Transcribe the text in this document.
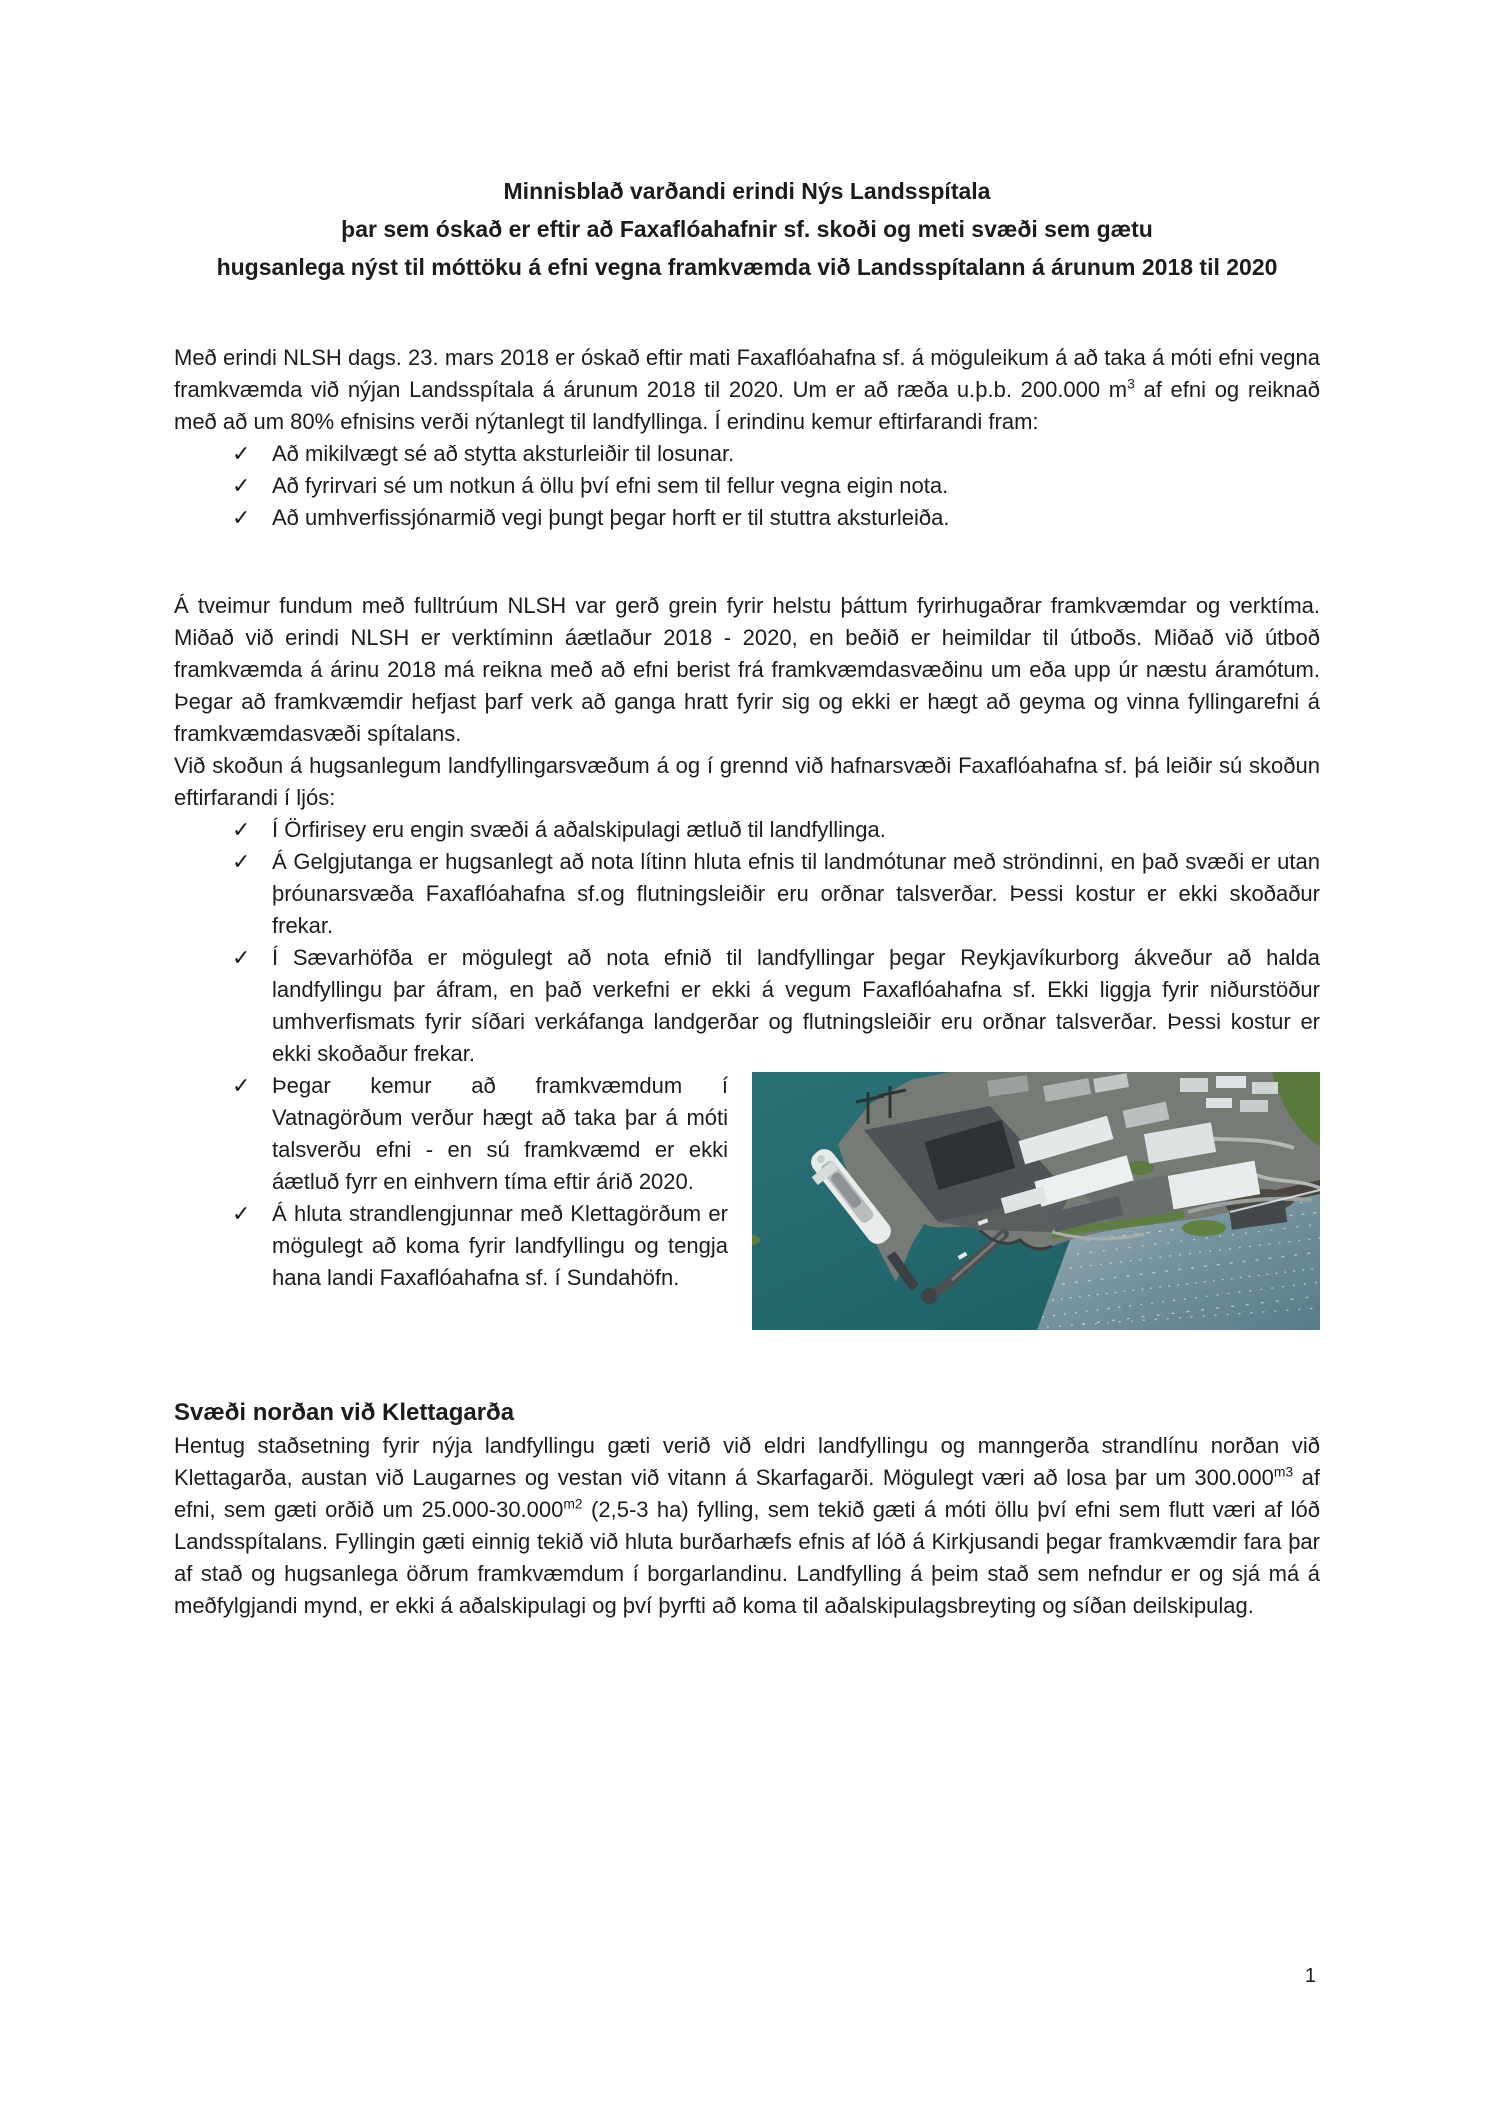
Minnisblað varðandi erindi Nýs Landsspítala
þar sem óskað er eftir að Faxaflóahafnir sf. skoði og meti svæði sem gætu
hugsanlega nýst til móttöku á efni vegna framkvæmda við Landsspítalann á árunum 2018 til 2020

Með erindi NLSH dags. 23. mars 2018 er óskað eftir mati Faxaflóahafna sf. á möguleikum á að taka á móti efni vegna framkvæmda við nýjan Landsspítala á árunum 2018 til 2020. Um er að ræða u.þ.b. 200.000 $m^3$ af efni og reiknað með að um 80% efnisins verði nýtanlegt til landfyllinga. Í erindinu kemur eftirfarandi fram:

✓ Að mikilvægt sé að stytta aksturleiðir til losunar.
✓ Að fyrirvari sé um notkun á öllu því efni sem til fellur vegna eigin nota.
✓ Að umhverfissjónarmið vegi þungt þegar horft er til stuttra aksturleiða.

Á tveimur fundum með fulltrúum NLSH var gerð grein fyrir helstu þáttum fyrirhugaðrar framkvæmdar og verktíma. Miðað við erindi NLSH er verktíminn áætlaður 2018 - 2020, en beðið er heimildar til útboðs. Miðað við útboð framkvæmda á árinu 2018 má reikna með að efni berist frá framkvæmdasvæðinu um eða upp úr næstu áramótum. Þegar að framkvæmdir hefjast þarf verk að ganga hratt fyrir sig og ekki er hægt að geyma og vinna fyllingarefni á framkvæmdasvæði spítalans.

Við skoðun á hugsanlegum landfyllingarsvæðum á og í grennd við hafnarsvæði Faxaflóahafna sf. þá leiðir sú skoðun eftirfarandi í ljós:

✓ Í Örfirisey eru engin svæði á aðalskipulagi ætluð til landfyllinga.
✓ Á Gelgjutanga er hugsanlegt að nota lítinn hluta efnis til landmótunar með ströndinni, en það svæði er utan þróunarsvæða Faxaflóahafna sf.og flutningsleiðir eru orðnar talsverðar. Þessi kostur er ekki skoðaður frekar.
✓ Í Sævarhöfða er mögulegt að nota efnið til landfyllingar þegar Reykjavíkurborg ákveður að halda landfyllingu þar áfram, en það verkefni er ekki á vegum Faxaflóahafna sf. Ekki liggja fyrir niðurstöður umhverfismats fyrir síðari verkáfanga landgerðar og flutningsleiðir eru orðnar talsverðar. Þessi kostur er ekki skoðaður frekar.
✓ Þegar kemur að framkvæmdum í Vatnagörðum verður hægt að taka þar á móti talsverðu efni - en sú framkvæmd er ekki áætluð fyrr en einhvern tíma eftir árið 2020.
✓ Á hluta strandlengjunnar með Klettagörðum er mögulegt að koma fyrir landfyllingu og tengja hana landi Faxaflóahafna sf. í Sundahöfn.
Svæði norðan við Klettagarða

Hentug staðsetning fyrir nýja landfyllingu gæti verið við eldri landfyllingu og manngerða strandlínu norðan við Klettagarða, austan við Laugarnes og vestan við vitann á Skarfagarði. Mögulegt væri að losa þar um $300.000^{m3}$ af efni, sem gæti orðið um $25.000-30.000^{m2}$ (2,5-3 ha) fylling, sem tekið gæti á móti öllu því efni sem flutt væri af lóð Landsspítalans. Fyllingin gæti einnig tekið við hluta burðarhæfs efnis af lóð á Kirkjusandi þegar framkvæmdir fara þar af stað og hugsanlega öðrum framkvæmdum í borgarlandinu. Landfylling á þeim stað sem nefndur er og sjá má á meðfylgjandi mynd, er ekki á aðalskipulagi og því þyrfti að koma til aðalskipulagsbreyting og síðan deilskipulag.

1
